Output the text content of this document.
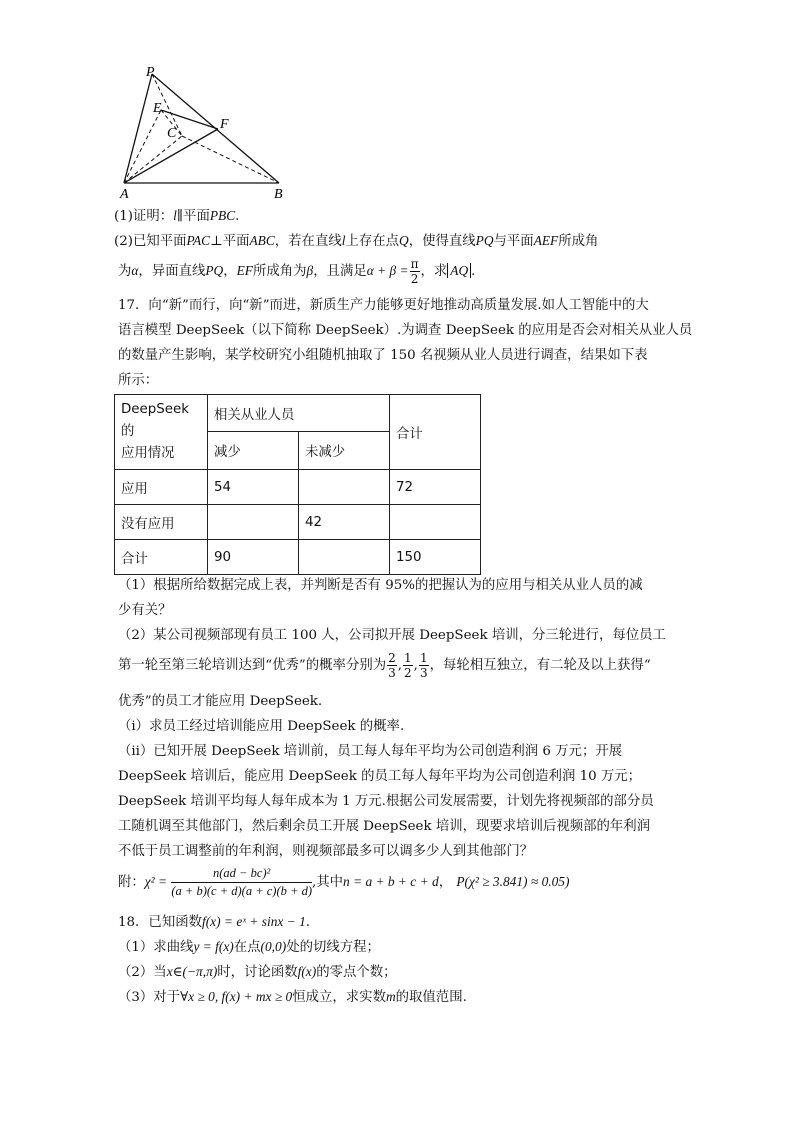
P
E
C
F
A	B
(1)证明：l∥平面PBC.
(2)已知平面PAC⊥平面ABC，若在直线l上存在点Q，使得直线PQ与平面AEF所成角
为α，异面直线PQ，EF所成角为β，且满足$\alpha + \beta = \frac{\pi}{2}$ ，求 AQ .
17．向“新”而行，向“新”而进，新质生产力能够更好地推动高质量发展.如人工智能中的大
语言模型 DeepSeek（以下简称 DeepSeek）.为调查 DeepSeek 的应用是否会对相关从业人员
的数量产生影响，某学校研究小组随机抽取了 150 名视频从业人员进行调查，结果如下表
所示：
DeepSeek 的
应用情况	相关从业人员		合计
	减少	未减少	
应用	54		72
没有应用		42	
合计	90		150
（1）根据所给数据完成上表，并判断是否有 95%的把握认为的应用与相关从业人员的减
少有关？
（2）某公司视频部现有员工 100 人，公司拟开展 DeepSeek 培训，分三轮进行，每位员工
第一轮至第三轮培训达到“优秀”的概率分别为 $\frac{2}{3}$ , $\frac{1}{2}$ , $\frac{1}{3}$ ，每轮相互独立，有二轮及以上获得“
优秀”的员工才能应用 DeepSeek.
（ⅰ）求员工经过培训能应用 DeepSeek 的概率.
（ⅱ）已知开展 DeepSeek 培训前，员工每人每年平均为公司创造利润 6 万元；开展
DeepSeek 培训后，能应用 DeepSeek 的员工每人每年平均为公司创造利润 10 万元；
DeepSeek 培训平均每人每年成本为 1 万元.根据公司发展需要，计划先将视频部的部分员
工随机调至其他部门，然后剩余员工开展 DeepSeek 培训，现要求培训后视频部的年利润
不低于员工调整前的年利润，则视频部最多可以调多少人到其他部门？
附：$\chi^2 = \frac{\text{n(ad − bc)²}}{(a + b)(c + d)(a + c)(b + d)}$ ,其中n = a + b + c + d， P(χ² ≥ 3.841) ≈ 0.05)
18．已知函数f(x) = eˣ + sinx − 1.
（1）求曲线y = f(x)在点(0,0)处的切线方程；
（2）当x∈(−π,π)时，讨论函数f(x)的零点个数；
（3）对于∀x ≥ 0, f(x) + mx ≥ 0恒成立，求实数m的取值范围.
